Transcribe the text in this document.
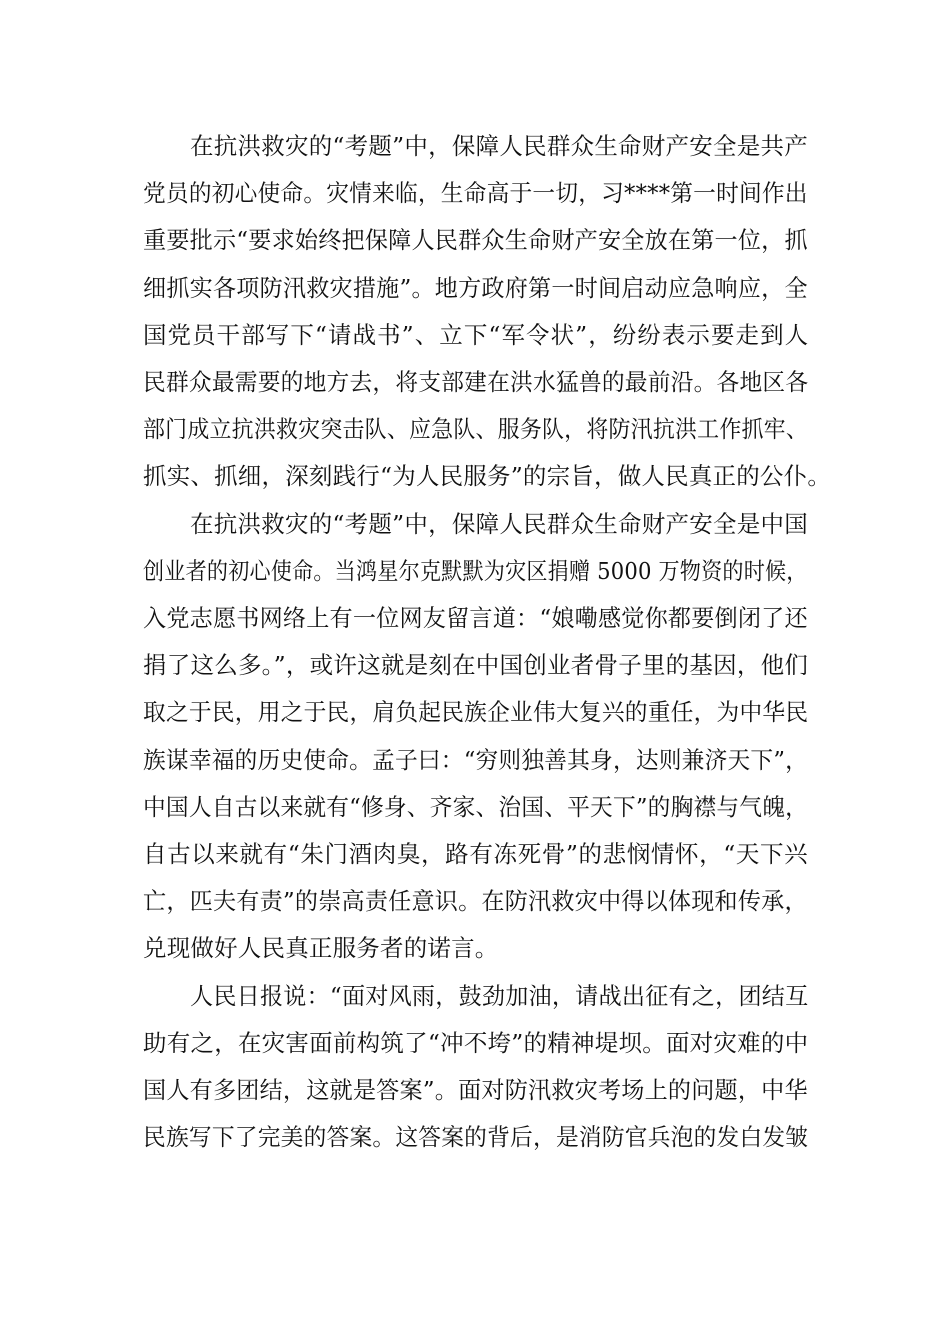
在抗洪救灾的“考题”中，保障人民群众生命财产安全是共产
党员的初心使命。灾情来临，生命高于一切，习****第一时间作出
重要批示“要求始终把保障人民群众生命财产安全放在第一位，抓
细抓实各项防汛救灾措施”。地方政府第一时间启动应急响应，全
国党员干部写下“请战书”、立下“军令状”，纷纷表示要走到人
民群众最需要的地方去，将支部建在洪水猛兽的最前沿。各地区各
部门成立抗洪救灾突击队、应急队、服务队，将防汛抗洪工作抓牢、
抓实、抓细，深刻践行“为人民服务”的宗旨，做人民真正的公仆。
在抗洪救灾的“考题”中，保障人民群众生命财产安全是中国
创业者的初心使命。当鸿星尔克默默为灾区捐赠 5000 万物资的时候，
入党志愿书网络上有一位网友留言道：“娘嘞感觉你都要倒闭了还
捐了这么多。”，或许这就是刻在中国创业者骨子里的基因，他们
取之于民，用之于民，肩负起民族企业伟大复兴的重任，为中华民
族谋幸福的历史使命。孟子曰：“穷则独善其身，达则兼济天下”，
中国人自古以来就有“修身、齐家、治国、平天下”的胸襟与气魄，
自古以来就有“朱门酒肉臭，路有冻死骨”的悲悯情怀，“天下兴
亡，匹夫有责”的崇高责任意识。在防汛救灾中得以体现和传承，
兑现做好人民真正服务者的诺言。
人民日报说：“面对风雨，鼓劲加油，请战出征有之，团结互
助有之，在灾害面前构筑了“冲不垮”的精神堤坝。面对灾难的中
国人有多团结，这就是答案”。面对防汛救灾考场上的问题，中华
民族写下了完美的答案。这答案的背后，是消防官兵泡的发白发皱
